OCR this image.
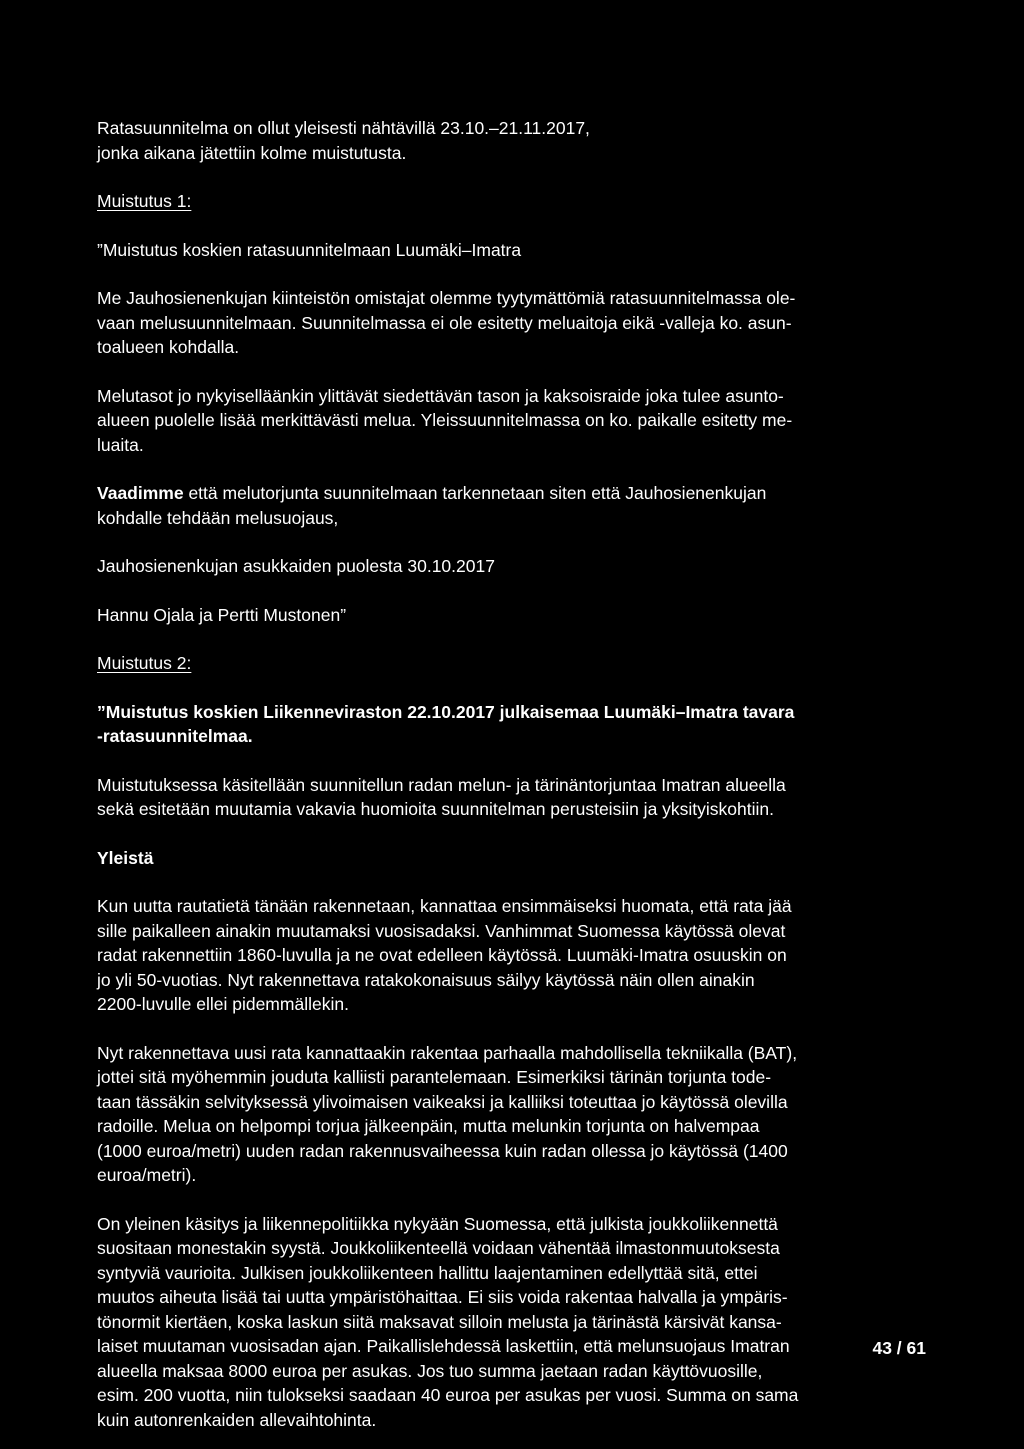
Ratasuunnitelma on ollut yleisesti nähtävillä 23.10.–21.11.2017,
jonka aikana jätettiin kolme muistutusta.

Muistutus 1:

”Muistutus koskien ratasuunnitelmaan Luumäki–Imatra

Me Jauhosienenkujan kiinteistön omistajat olemme tyytymättömiä ratasuunnitelmassa ole-
vaan melusuunnitelmaan. Suunnitelmassa ei ole esitetty meluaitoja eikä -valleja ko. asun-
toalueen kohdalla.

Melutasot jo nykyiselläänkin ylittävät siedettävän tason ja kaksoisraide joka tulee asunto-
alueen puolelle lisää merkittävästi melua. Yleissuunnitelmassa on ko. paikalle esitetty me-
luaita.

Vaadimme että melutorjunta suunnitelmaan tarkennetaan siten että Jauhosienenkujan
kohdalle tehdään melusuojaus,

Jauhosienenkujan asukkaiden puolesta 30.10.2017

Hannu Ojala ja Pertti Mustonen”

Muistutus 2:

”Muistutus koskien Liikenneviraston 22.10.2017 julkaisemaa Luumäki–Imatra tavara
-ratasuunnitelmaa.

Muistutuksessa käsitellään suunnitellun radan melun- ja tärinäntorjuntaa Imatran alueella
sekä esitetään muutamia vakavia huomioita suunnitelman perusteisiin ja yksityiskohtiin.

Yleistä

Kun uutta rautatietä tänään rakennetaan, kannattaa ensimmäiseksi huomata, että rata jää
sille paikalleen ainakin muutamaksi vuosisadaksi. Vanhimmat Suomessa käytössä olevat
radat rakennettiin 1860-luvulla ja ne ovat edelleen käytössä. Luumäki-Imatra osuuskin on
jo yli 50-vuotias. Nyt rakennettava ratakokonaisuus säilyy käytössä näin ollen ainakin
2200-luvulle ellei pidemmällekin.

Nyt rakennettava uusi rata kannattaakin rakentaa parhaalla mahdollisella tekniikalla (BAT),
jottei sitä myöhemmin jouduta kalliisti parantelemaan. Esimerkiksi tärinän torjunta tode-
taan tässäkin selvityksessä ylivoimaisen vaikeaksi ja kalliiksi toteuttaa jo käytössä olevilla
radoille. Melua on helpompi torjua jälkeenpäin, mutta melunkin torjunta on halvempaa
(1000 euroa/metri) uuden radan rakennusvaiheessa kuin radan ollessa jo käytössä (1400
euroa/metri).

On yleinen käsitys ja liikennepolitiikka nykyään Suomessa, että julkista joukkoliikennettä
suositaan monestakin syystä. Joukkoliikenteellä voidaan vähentää ilmastonmuutoksesta
syntyviä vaurioita. Julkisen joukkoliikenteen hallittu laajentaminen edellyttää sitä, ettei
muutos aiheuta lisää tai uutta ympäristöhaittaa. Ei siis voida rakentaa halvalla ja ympäris-
tönormit kiertäen, koska laskun siitä maksavat silloin melusta ja tärinästä kärsivät kansa-
laiset muutaman vuosisadan ajan. Paikallislehdessä laskettiin, että melunsuojaus Imatran
alueella maksaa 8000 euroa per asukas. Jos tuo summa jaetaan radan käyttövuosille,
esim. 200 vuotta, niin tulokseksi saadaan 40 euroa per asukas per vuosi. Summa on sama
kuin autonrenkaiden allevaihtohinta.

43 / 61
